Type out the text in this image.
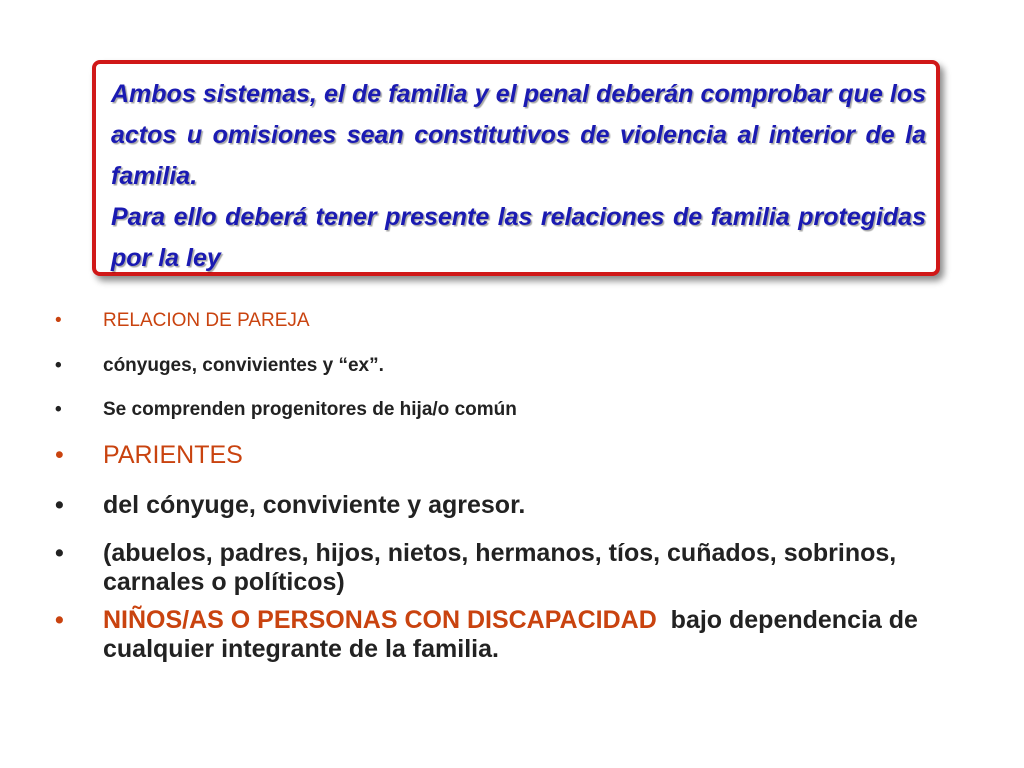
Ambos sistemas, el de familia y el penal deberán comprobar que los actos u omisiones sean constitutivos de violencia al interior de la familia.

Para ello deberá tener presente las relaciones de familia protegidas por la ley

• RELACION DE PAREJA
• cónyuges, convivientes y “ex”.
• Se comprenden progenitores de hija/o común
• PARIENTES
• del cónyuge, conviviente y agresor.
• (abuelos, padres, hijos, nietos, hermanos, tíos, cuñados, sobrinos, carnales o políticos)
• NIÑOS/AS O PERSONAS CON DISCAPACIDAD bajo dependencia de cualquier integrante de la familia.
